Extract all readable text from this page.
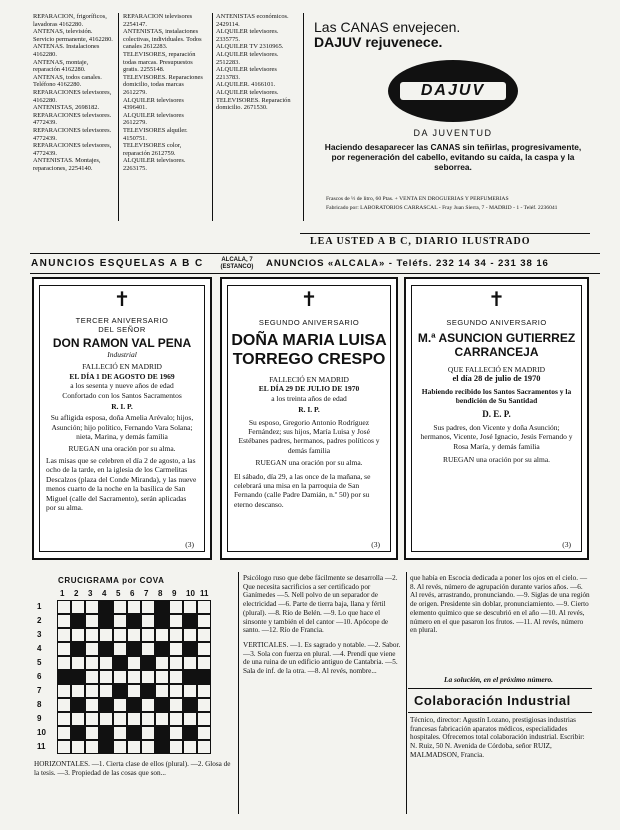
REPARACION, frigoríficos, lavadoras 4162280.

ANTENAS, televisión. Servicio permanente, 4162280.

ANTENAS. Instalaciones 4162280.

ANTENAS, montaje, reparación 4162280.

ANTENAS, todos canales. Teléfono 4162280.

REPARACIONES televisores, 4162280.

ANTENISTAS, 2698182.

REPARACIONES televisores. 4772439.

REPARACIONES televisores. 4772439.

REPARACIONES televisores, 4772439.

ANTENISTAS. Montajes, reparaciones, 2254140.

REPARACION televisores 2254147.

ANTENISTAS, instalaciones colectivas, individuales. Todos canales 2612283.

TELEVISORES, reparación todas marcas. Presupuestos gratis. 2255148.

TELEVISORES. Reparaciones domicilio, todas marcas 2612279.

ALQUILER televisores 4396401.

ALQUILER televisores 2612279.

TELEVISORES alquiler. 4150751.

TELEVISORES color, reparación 2612759.

ALQUILER televisores. 2263175.

ANTENISTAS económicos. 2429114.

ALQUILER televisores. 2335775.

ALQUILER TV 2310965.

ALQUILER televisores. 2512283.

ALQUILER televisores 2213783.

ALQUILER. 4166101.

ALQUILER televisores.

TELEVISORES. Reparación domicilio. 2671530.

Las CANAS envejecen.
DAJUV rejuvenece.
DAJUV
DA JUVENTUD
Haciendo desaparecer las CANAS sin teñirlas, progresivamente, por regeneración del cabello, evitando su caída, la caspa y la seborrea.
Frascos de ½ de litro, 60 Ptas. + VENTA EN DROGUERÍAS Y PERFUMERÍAS
Fabricado por: LABORATORIOS CARRASCAL - Fray Juan Sierra, 7 - MADRID - 1 - Teléf. 2236041
LEA USTED A B C, DIARIO ILUSTRADO
ANUNCIOS ESQUELAS A B C	ALCALA, 7 (ESTANCO)	ANUNCIOS «ALCALA» - Teléfs. 232 14 34 - 231 38 16
✝
TERCER ANIVERSARIO
DEL SEÑOR
DON RAMON VAL PENA
Industrial
FALLECIÓ EN MADRID
EL DÍA 1 DE AGOSTO DE 1969
a los sesenta y nueve años de edad
Confortado con los Santos Sacramentos
R. I. P.
Su afligida esposa, doña Amelia Arévalo; hijos, Asunción; hijo político, Fernando Vara Solana; nieta, Marina, y demás familia
RUEGAN una oración por su alma.
Las misas que se celebren el día 2 de agosto, a las ocho de la tarde, en la iglesia de los Carmelitas Descalzos (plaza del Conde Miranda), y las nueve menos cuarto de la noche en la basílica de San Miguel (calle del Sacramento), serán aplicadas por su alma.
(3)
✝
SEGUNDO ANIVERSARIO
DOÑA MARIA LUISA TORREGO CRESPO
FALLECIÓ EN MADRID
EL DÍA 29 DE JULIO DE 1970
a los treinta años de edad
R. I. P.
Su esposo, Gregorio Antonio Rodríguez Fernández; sus hijos, María Luisa y José Estébanes padres, hermanos, padres políticos y demás familia
RUEGAN una oración por su alma.
El sábado, día 29, a las once de la mañana, se celebrará una misa en la parroquia de San Fernando (calle Padre Damián, n.º 50) por su eterno descanso.
(3)
✝
SEGUNDO ANIVERSARIO
M.ª ASUNCION GUTIERREZ CARRANCEJA
QUE FALLECIÓ EN MADRID
el día 28 de julio de 1970
Habiendo recibido los Santos Sacramentos y la bendición de Su Santidad
D. E. P.
Sus padres, don Vicente y doña Asunción; hermanos, Vicente, José Ignacio, Jesús Fernando y Rosa María, y demás familia
RUEGAN una oración por su alma.
(3)
CRUCIGRAMA por COVA
1 2 3 4 5 6 7 8 9 10 11
1
2
3
4
5
6
7
8
9
10
11
HORIZONTALES. —1. Cierta clase de ellos (plural). —2. Glosa de la tesis. —3. Propiedad de las cosas que son...
Psicólogo ruso que debe fácilmente se desarrolla —2. Que necesita sacrificios a ser certificado por Ganímedes —5. Nell polvo de un separador de electricidad —6. Parte de tierra baja, llana y fértil (plural). —8. Río de Belén. —9. Lo que hace el sinsonte y también el del cantor —10. Apócope de santo. —12. Río de Francia.
VERTICALES. —1. Es sagrado y notable. —2. Sabor. —3. Sola con fuerza en plural. —4. Prendí que viene de una ruina de un edificio antiguo de Cantabria. —5. Sala de inf. de la otra. —8. Al revés, nombre...
que había en Escocia dedicada a poner los ojos en el cielo. —8. Al revés, número de agrupación durante varios años. —6. Al revés, arrastrando, pronunciando. —9. Siglas de una región de origen. Presidente sin doblar, pronunciamiento. —9. Cierto elemento químico que se descubrió en el año —10. Al revés, número en el que pasaron los frutos. —11. Al revés, número en plural.
La solución, en el próximo número.
Colaboración Industrial
Técnico, director: Agustín Lozano, prestigiosas industrias francesas fabricación aparatos médicos, especialidades hospitales. Ofrecemos total colaboración industrial. Escribir: N. Ruiz, 50 N. Avenida de Córdoba, señor RUIZ, MALMADSON, Francia.
